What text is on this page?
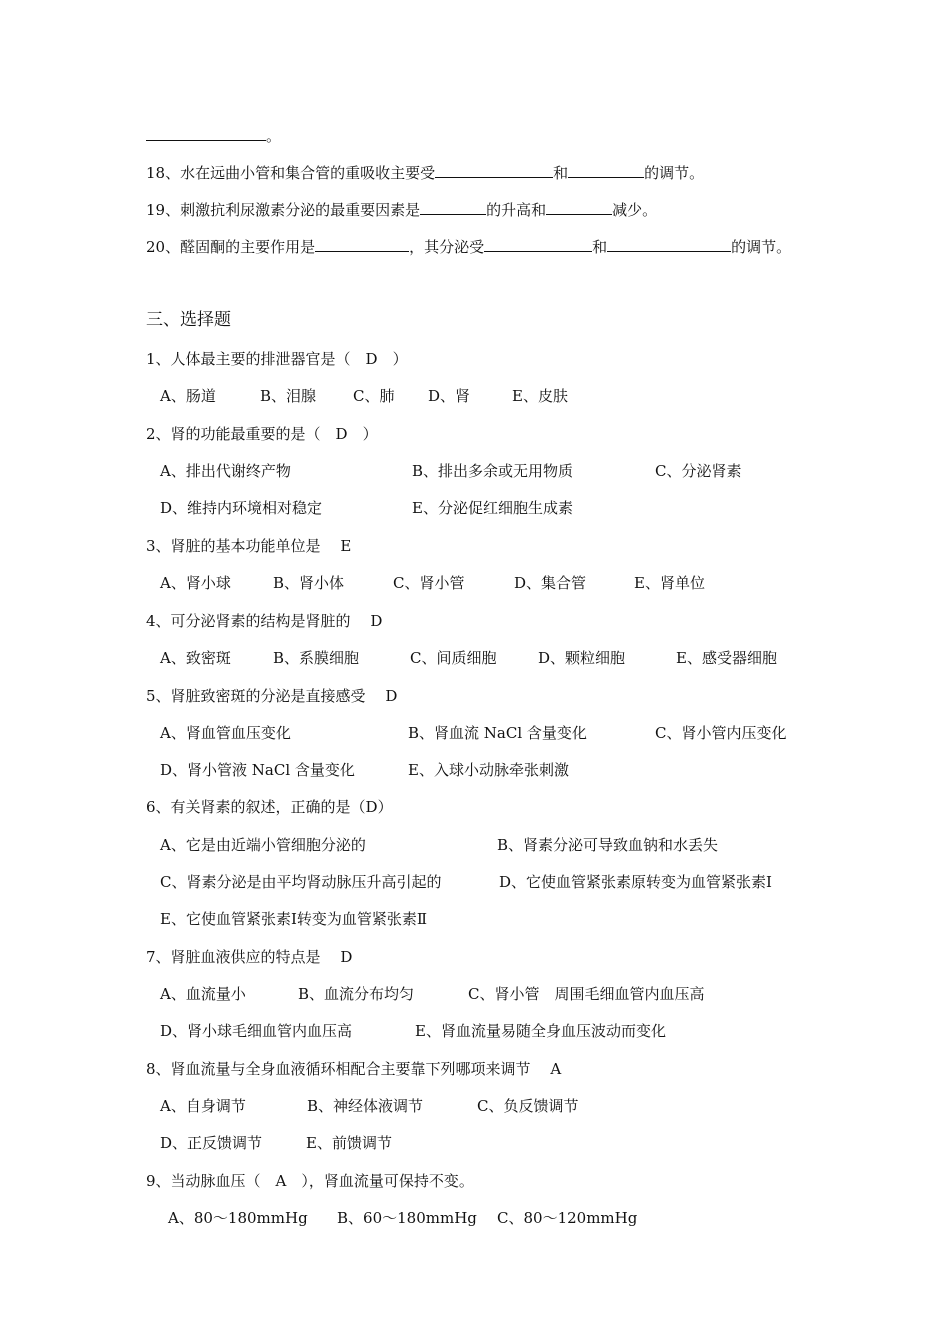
。
18、水在远曲小管和集合管的重吸收主要受	和	的调节。
19、刺激抗利尿激素分泌的最重要因素是	的升高和	减少。
20、醛固酮的主要作用是	，其分泌受	和	的调节。
三、选择题
1、人体最主要的排泄器官是（　D　）
A、肠道	B、泪腺 C、肺 D、肾	E、皮肤
2、肾的功能最重要的是（　D　）
A、排出代谢终产物	B、排出多余或无用物质	C、分泌肾素
D、维持内环境相对稳定	E、分泌促红细胞生成素
3、肾脏的基本功能单位是　 E
A、肾小球	B、肾小体	C、肾小管	D、集合管	E、肾单位
4、可分泌肾素的结构是肾脏的　 D
A、致密斑	B、系膜细胞	C、间质细胞	D、颗粒细胞	E、感受器细胞
5、肾脏致密斑的分泌是直接感受　 D
A、肾血管血压变化	B、肾血流 NaCl 含量变化	C、肾小管内压变化
D、肾小管液 NaCl 含量变化	E、入球小动脉牵张刺激
6、有关肾素的叙述，正确的是（D）
A、它是由近端小管细胞分泌的	B、肾素分泌可导致血钠和水丢失
C、肾素分泌是由平均肾动脉压升高引起的	D、它使血管紧张素原转变为血管紧张素Ⅰ
E、它使血管紧张素Ⅰ转变为血管紧张素Ⅱ
7、肾脏血液供应的特点是　 D
A、血流量小	B、血流分布均匀	C、肾小管　周围毛细血管内血压高
D、肾小球毛细血管内血压高	E、肾血流量易随全身血压波动而变化
8、肾血流量与全身血液循环相配合主要靠下列哪项来调节　 A
A、自身调节	B、神经体液调节	C、负反馈调节
D、正反馈调节	E、前馈调节
9、当动脉血压（　A　），肾血流量可保持不变。
A、80～180mmHg B、60～180mmHg C、80～120mmHg
